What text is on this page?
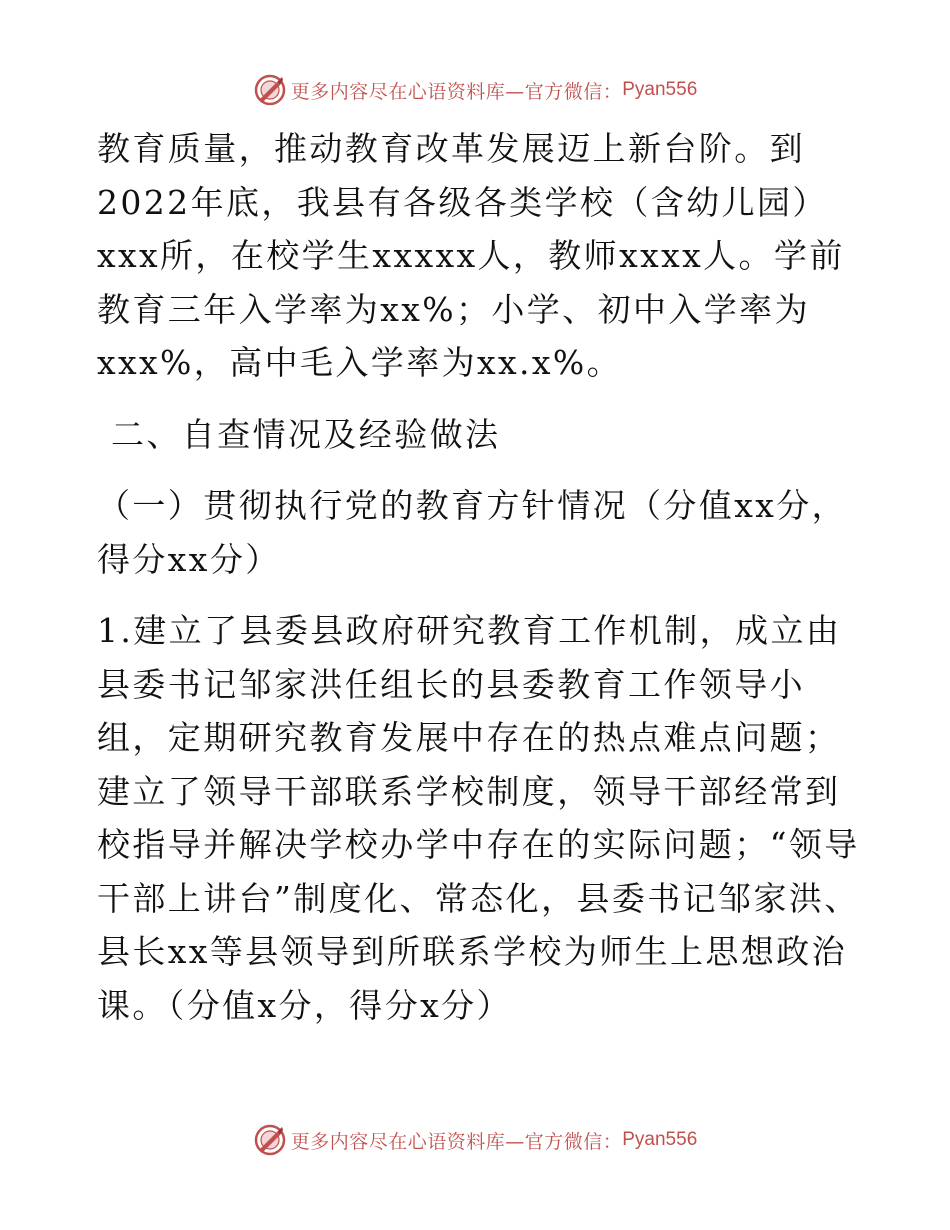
更多内容尽在心语资料库— 官方微信： Pyan556

教育质量，推动教育改革发展迈上新台阶。到2022年底，我县有各级各类学校（含幼儿园）xxx所，在校学生xxxxx人，教师xxxx人。学前教育三年入学率为xx%；小学、初中入学率为xxx%，高中毛入学率为xx.x%。

二、自查情况及经验做法

（一）贯彻执行党的教育方针情况（分值xx分，得分xx分）

1.建立了县委县政府研究教育工作机制，成立由县委书记邹家洪任组长的县委教育工作领导小组，定期研究教育发展中存在的热点难点问题；建立了领导干部联系学校制度，领导干部经常到校指导并解决学校办学中存在的实际问题；“领导干部上讲台”制度化、常态化，县委书记邹家洪、县长xx等县领导到所联系学校为师生上思想政治课。（分值x分，得分x分）

更多内容尽在心语资料库— 官方微信： Pyan556
